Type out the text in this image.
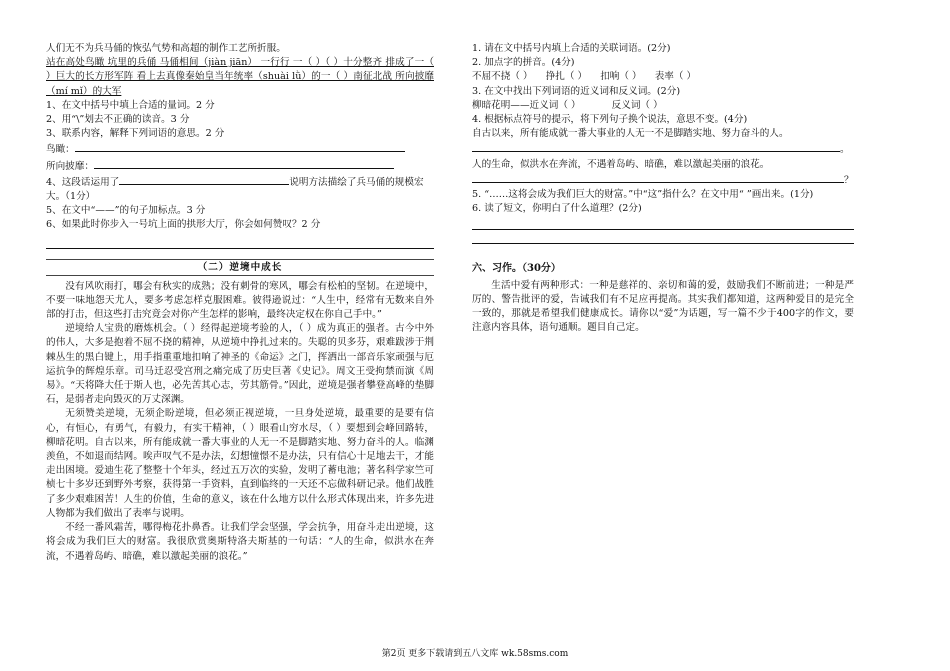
人们无不为兵马俑的恢弘气势和高超的制作工艺所折服。

站在高处鸟瞰 坑里的兵俑 马俑相间（jiàn jiān） 一行行 一（ ）（ ）十分整齐 排成了一（ ）巨大的长方形军阵 看上去真像秦始皇当年统率（shuài lǜ）的一（ ）南征北战 所向披靡（mí mǐ）的大军

1、在文中括号中填上合适的量词。2 分

2、用“\”划去不正确的读音。3 分

3、联系内容，解释下列词语的意思。2 分

鸟瞰：

所向披靡：

4、这段话运用了	说明方法描绘了兵马俑的规模宏大。（1分）

5、在文中“——”的句子加标点。3 分

6、如果此时你步入一号坑上面的拱形大厅，你会如何赞叹？2 分

（二）逆境中成长

没有风吹雨打，哪会有秋实的成熟；没有刺骨的寒风，哪会有松柏的坚韧。在逆境中，不要一味地怨天尤人，要多考虑怎样克服困难。彼得逊说过：“人生中，经常有无数来自外部的打击，但这些打击究竟会对你产生怎样的影响，最终决定权在你自己手中。”

逆境给人宝贵的磨炼机会。（ ）经得起逆境考验的人，（ ）成为真正的强者。古今中外的伟人，大多是抱着不屈不挠的精神，从逆境中挣扎过来的。失聪的贝多芬，艰难跋涉于荆棘丛生的黑白键上，用手指重重地扣响了神圣的《命运》之门，挥洒出一部音乐家顽强与厄运抗争的辉煌乐章。司马迁忍受宫刑之痛完成了历史巨著《史记》。周文王受拘禁而演《周易》。“天将降大任于斯人也，必先苦其心志，劳其筋骨。”因此，逆境是强者攀登高峰的垫脚石，是弱者走向毁灭的万丈深渊。

无须赞美逆境，无须企盼逆境，但必须正视逆境，一旦身处逆境，最重要的是要有信心，有恒心，有勇气，有毅力，有实干精神，（ ）眼看山穷水尽，（ ）要想到会峰回路转，柳暗花明。自古以来，所有能成就一番大事业的人无一不是脚踏实地、努力奋斗的人。临渊羡鱼，不如退而结网。唉声叹气不是办法，幻想憧憬不是办法，只有信心十足地去干，才能走出困境。爱迪生花了整整十个年头，经过五万次的实验，发明了蓄电池；著名科学家竺可桢七十多岁还到野外考察，获得第一手资料，直到临终的一天还不忘做科研记录。他们战胜了多少艰难困苦！人生的价值，生命的意义，该在什么地方以什么形式体现出来，许多先进人物都为我们做出了表率与说明。

不经一番风霜苦，哪得梅花扑鼻香。让我们学会坚强，学会抗争，用奋斗走出逆境，这将会成为我们巨大的财富。我很欣赏奥斯特洛夫斯基的一句话：“人的生命，似洪水在奔流，不遇着岛屿、暗礁，难以激起美丽的浪花。”

1. 请在文中括号内填上合适的关联词语。(2分)

2. 加点字的拼音。(4分)

不屈不挠（ ） 挣扎（ ） 扣响（ ） 表率（ ）

3. 在文中找出下列词语的近义词和反义词。(2分)

柳暗花明——近义词（ ）	反义词（ ）

4. 根据标点符号的提示，将下列句子换个说法，意思不变。(4分)

自古以来，所有能成就一番大事业的人无一不是脚踏实地、努力奋斗的人。

。

人的生命，似洪水在奔流，不遇着岛屿、暗礁，难以激起美丽的浪花。

？

5. “……这将会成为我们巨大的财富。”中“这”指什么？在文中用“ ”画出来。(1分)

6. 读了短文，你明白了什么道理？(2分)

六、习作。（30分）

生活中爱有两种形式：一种是慈祥的、亲切和蔼的爱，鼓励我们不断前进；一种是严厉的、警告批评的爱，告诫我们有不足应再提高。其实我们都知道，这两种爱目的是完全一致的，那就是希望我们健康成长。请你以“爱”为话题，写一篇不少于400字的作文，要注意内容具体，语句通顺。题目自己定。

第2页 更多下载请到五八文库 wk.58sms.com
